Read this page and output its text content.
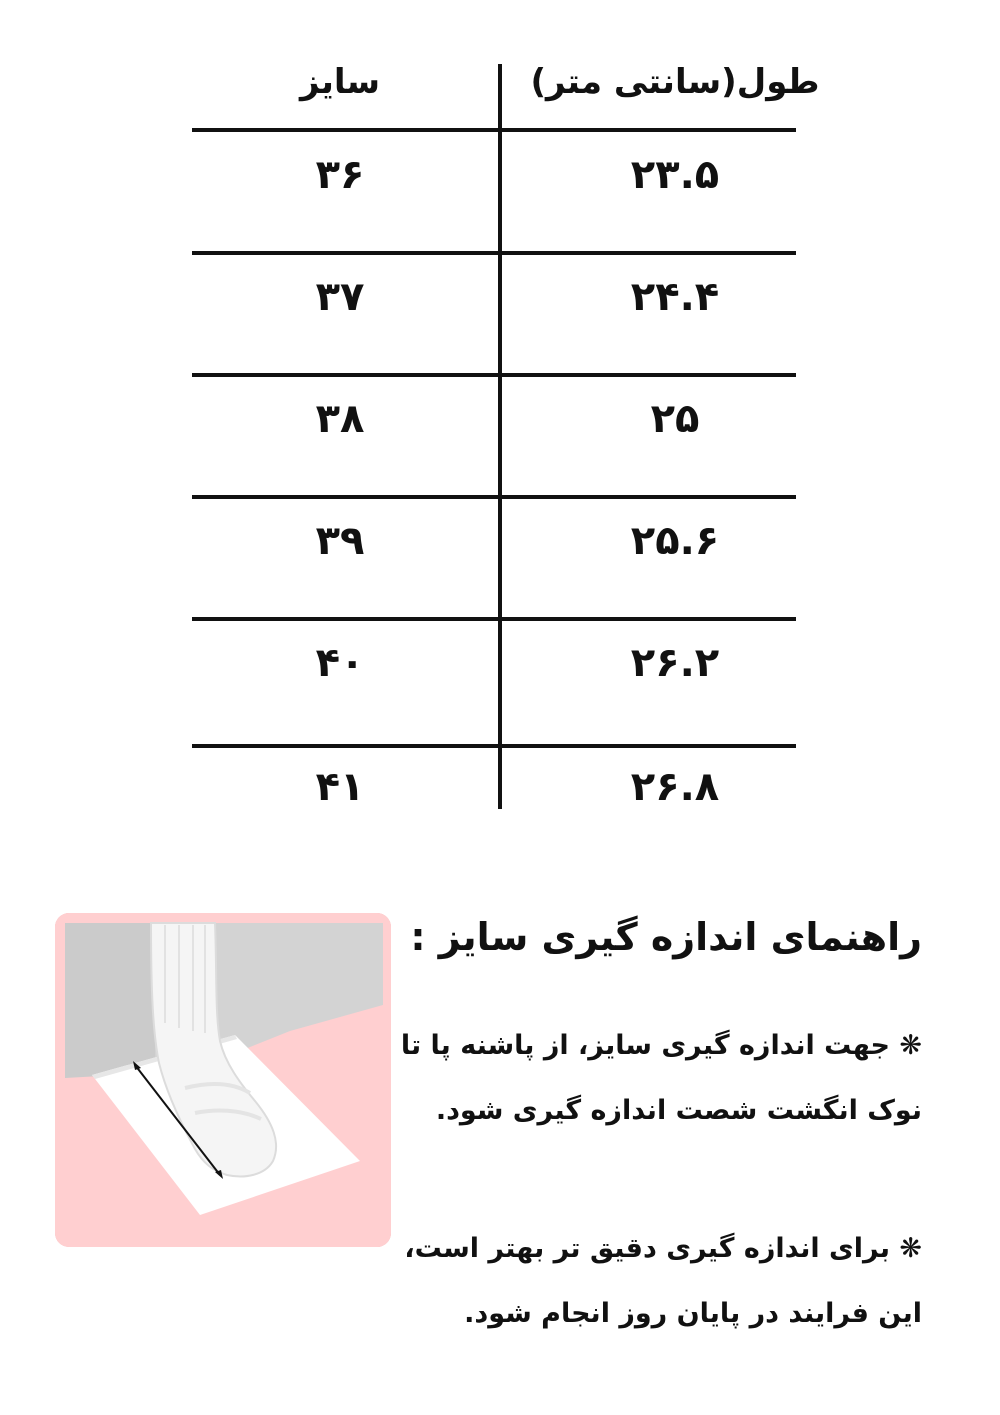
سایز	طول(سانتی متر)
۳۶	۲۳.۵
۳۷	۲۴.۴
۳۸	۲۵
۳۹	۲۵.۶
۴۰	۲۶.۲
۴۱	۲۶.۸
راهنمای اندازه گیری سایز :
❋ جهت اندازه گیری سایز، از پاشنه پا تا
نوک انگشت شصت اندازه گیری شود.
❋ برای اندازه گیری دقیق تر بهتر است،
این فرایند در پایان روز انجام شود.
